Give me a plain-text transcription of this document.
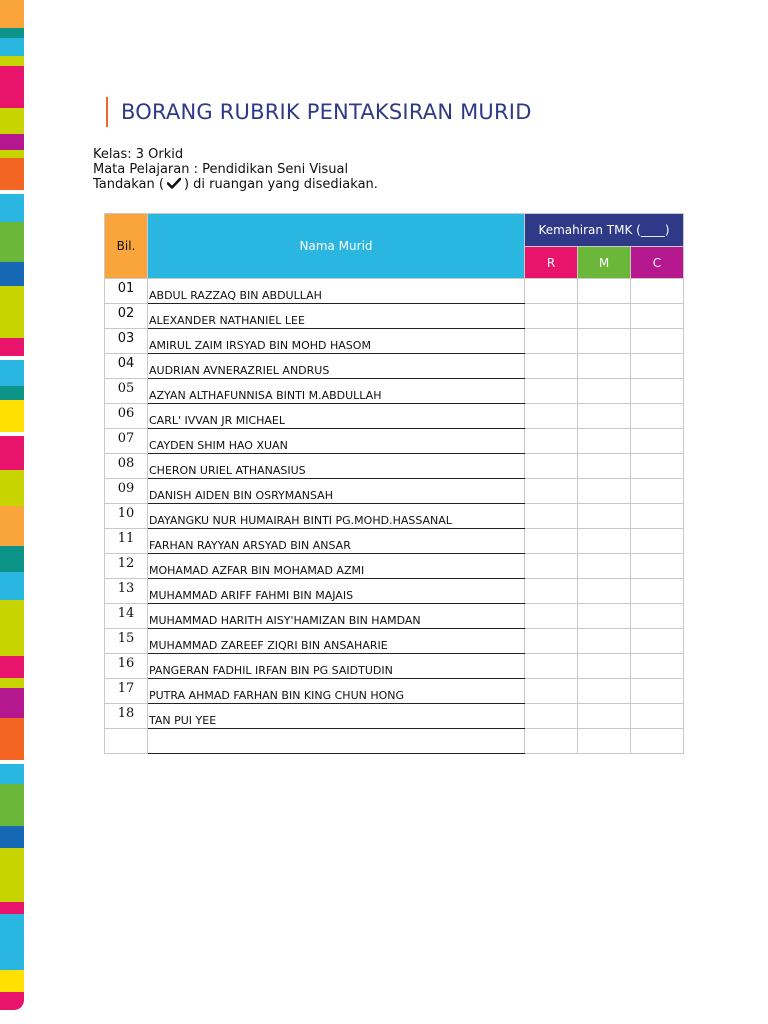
BORANG RUBRIK PENTAKSIRAN MURID
Kelas: 3 Orkid
Mata Pelajaran : Pendidikan Seni Visual
Tandakan ( ) di ruangan yang disediakan.
Bil.	Nama Murid	Kemahiran TMK (____)		
		R	M	C
01	ABDUL RAZZAQ BIN ABDULLAH			
02	ALEXANDER NATHANIEL LEE			
03	AMIRUL ZAIM IRSYAD BIN MOHD HASOM			
04	AUDRIAN AVNERAZRIEL ANDRUS			
05	AZYAN ALTHAFUNNISA BINTI M.ABDULLAH			
06	CARL' IVVAN JR MICHAEL			
07	CAYDEN SHIM HAO XUAN			
08	CHERON URIEL ATHANASIUS			
09	DANISH AIDEN BIN OSRYMANSAH			
10	DAYANGKU NUR HUMAIRAH BINTI PG.MOHD.HASSANAL			
11	FARHAN RAYYAN ARSYAD BIN ANSAR			
12	MOHAMAD AZFAR BIN MOHAMAD AZMI			
13	MUHAMMAD ARIFF FAHMI BIN MAJAIS			
14	MUHAMMAD HARITH AISY'HAMIZAN BIN HAMDAN			
15	MUHAMMAD ZAREEF ZIQRI BIN ANSAHARIE			
16	PANGERAN FADHIL IRFAN BIN PG SAIDTUDIN			
17	PUTRA AHMAD FARHAN BIN KING CHUN HONG			
18	TAN PUI YEE			
